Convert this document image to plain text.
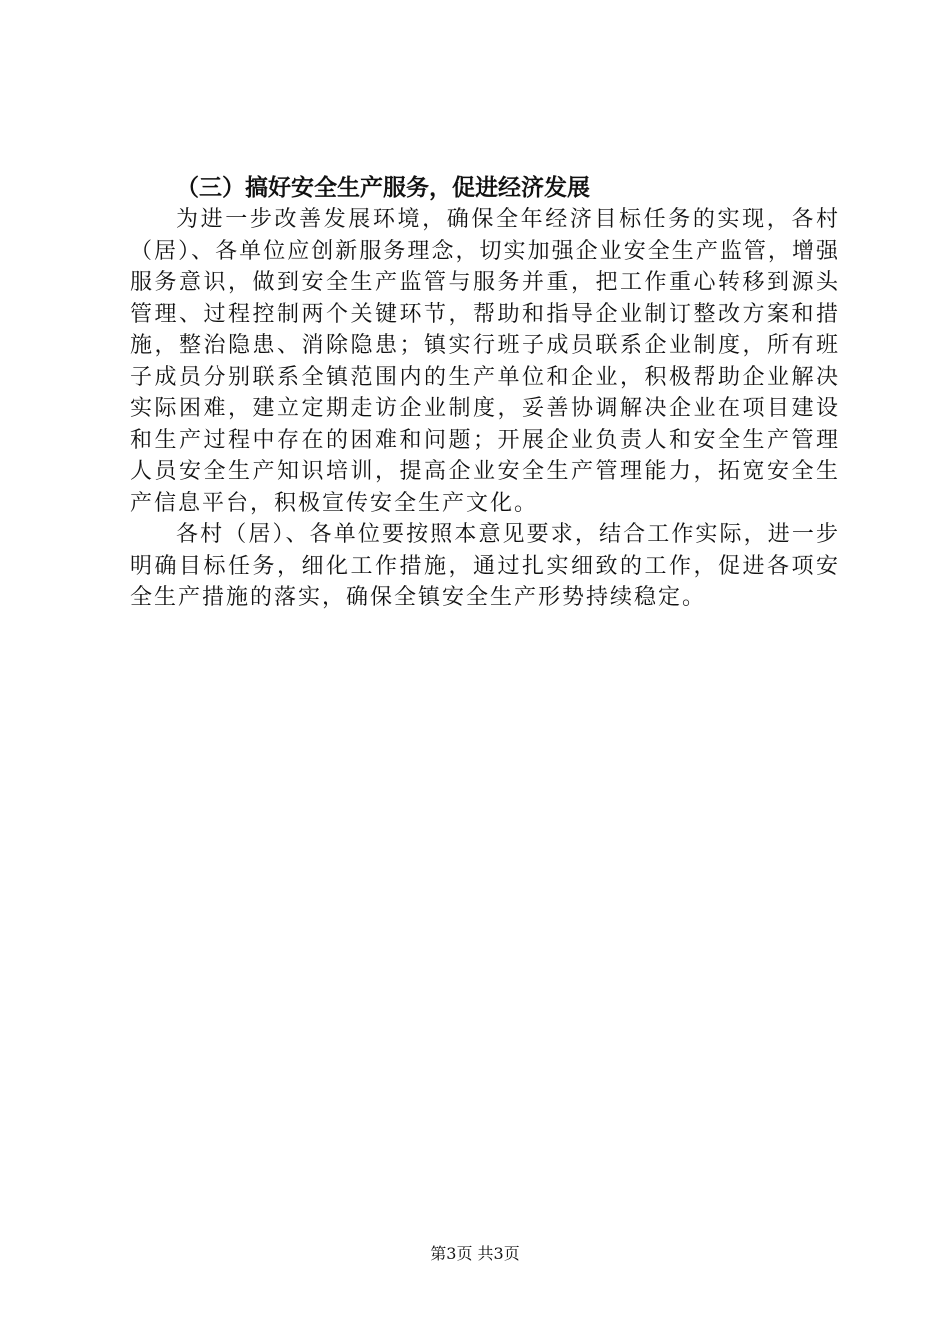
（三）搞好安全生产服务，促进经济发展

为进一步改善发展环境，确保全年经济目标任务的实现，各村（居）、各单位应创新服务理念，切实加强企业安全生产监管，增强服务意识，做到安全生产监管与服务并重，把工作重心转移到源头管理、过程控制两个关键环节，帮助和指导企业制订整改方案和措施，整治隐患、消除隐患；镇实行班子成员联系企业制度，所有班子成员分别联系全镇范围内的生产单位和企业，积极帮助企业解决实际困难，建立定期走访企业制度，妥善协调解决企业在项目建设和生产过程中存在的困难和问题；开展企业负责人和安全生产管理人员安全生产知识培训，提高企业安全生产管理能力，拓宽安全生产信息平台，积极宣传安全生产文化。

各村（居）、各单位要按照本意见要求，结合工作实际，进一步明确目标任务，细化工作措施，通过扎实细致的工作，促进各项安全生产措施的落实，确保全镇安全生产形势持续稳定。

第3页 共3页
